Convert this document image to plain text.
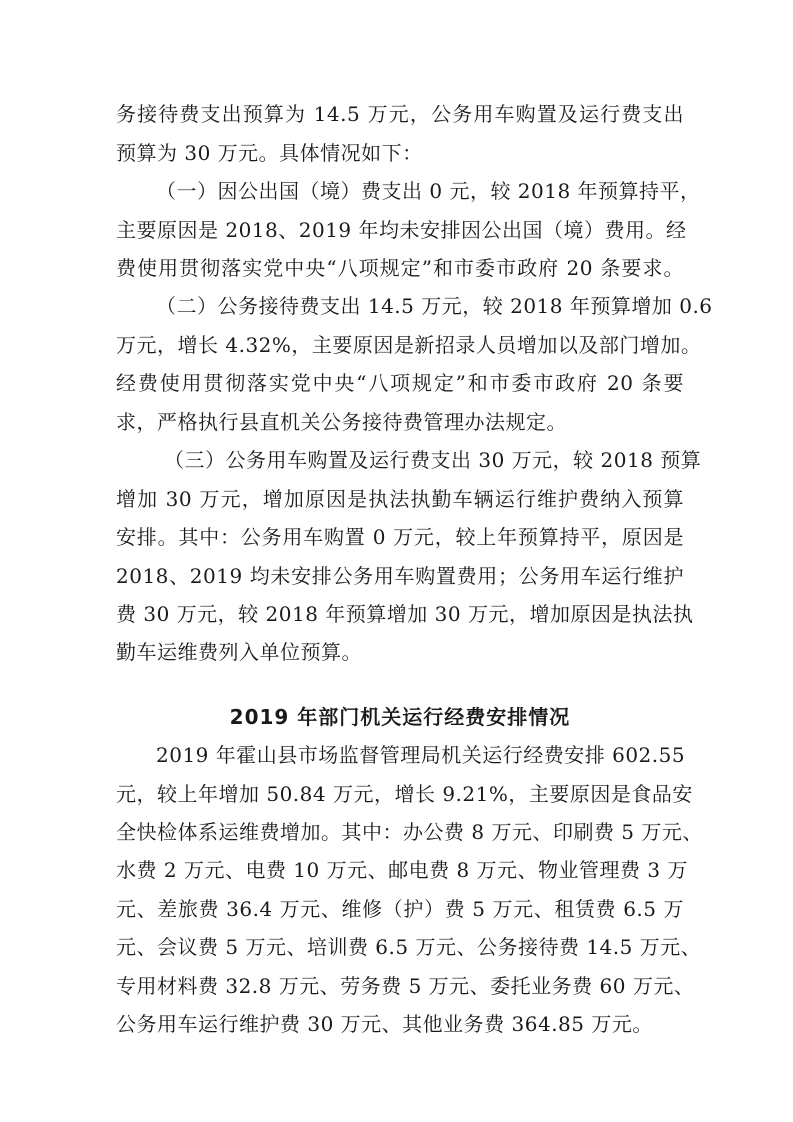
务接待费支出预算为 14.5 万元，公务用车购置及运行费支出
预算为 30 万元。具体情况如下：
（一）因公出国（境）费支出 0 元，较 2018 年预算持平，
主要原因是 2018、2019 年均未安排因公出国（境）费用。经
费使用贯彻落实党中央“八项规定”和市委市政府 20 条要求。
（二）公务接待费支出 14.5 万元，较 2018 年预算增加 0.6
万元，增长 4.32%，主要原因是新招录人员增加以及部门增加。
经费使用贯彻落实党中央“八项规定”和市委市政府 20 条要
求，严格执行县直机关公务接待费管理办法规定。
（三）公务用车购置及运行费支出 30 万元，较 2018 预算
增加 30 万元，增加原因是执法执勤车辆运行维护费纳入预算
安排。其中：公务用车购置 0 万元，较上年预算持平，原因是
2018、2019 均未安排公务用车购置费用；公务用车运行维护
费 30 万元，较 2018 年预算增加 30 万元，增加原因是执法执
勤车运维费列入单位预算。
2019 年部门机关运行经费安排情况
2019 年霍山县市场监督管理局机关运行经费安排 602.55
元，较上年增加 50.84 万元，增长 9.21%，主要原因是食品安
全快检体系运维费增加。其中：办公费 8 万元、印刷费 5 万元、
水费 2 万元、电费 10 万元、邮电费 8 万元、物业管理费 3 万
元、差旅费 36.4 万元、维修（护）费 5 万元、租赁费 6.5 万
元、会议费 5 万元、培训费 6.5 万元、公务接待费 14.5 万元、
专用材料费 32.8 万元、劳务费 5 万元、委托业务费 60 万元、
公务用车运行维护费 30 万元、其他业务费 364.85 万元。
